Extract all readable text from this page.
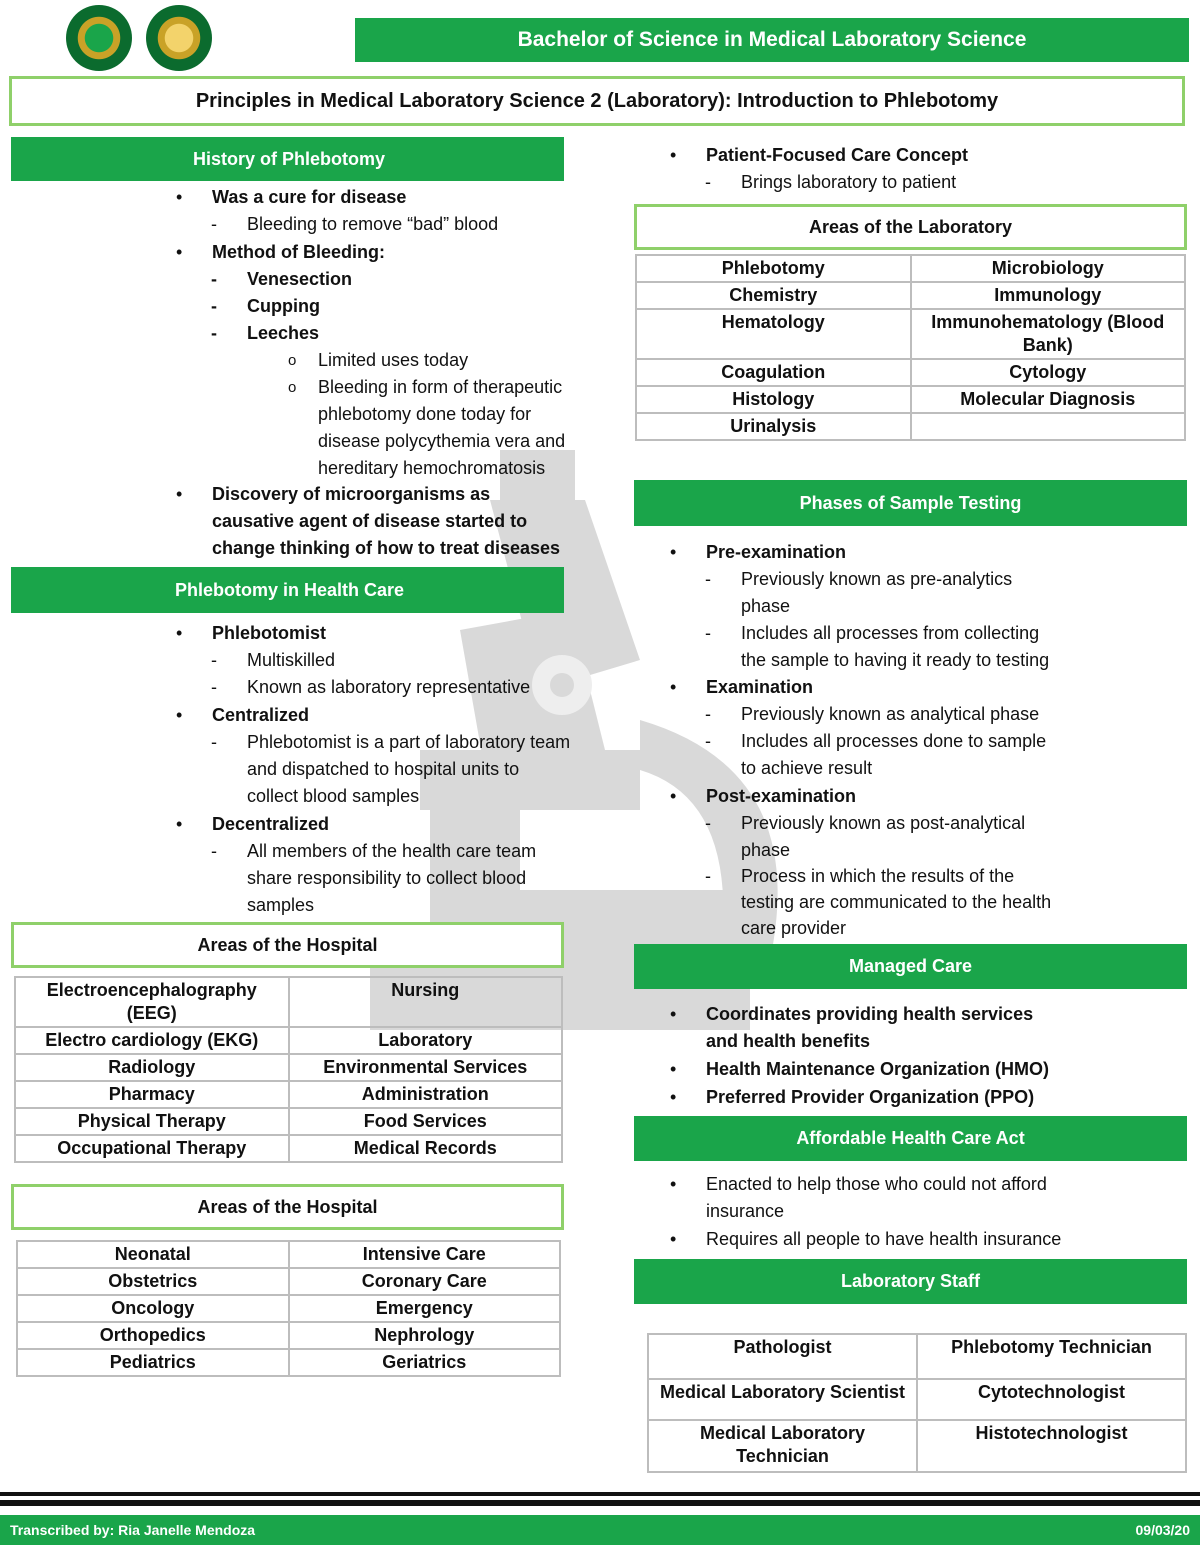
Bachelor of Science in Medical Laboratory Science
Principles in Medical Laboratory Science 2 (Laboratory): Introduction to Phlebotomy
History of Phlebotomy
• Was a cure for disease
- Bleeding to remove “bad” blood
• Method of Bleeding:
- Venesection
- Cupping
- Leeches
o Limited uses today
o Bleeding in form of therapeutic
phlebotomy done today for
disease polycythemia vera and
hereditary hemochromatosis
• Discovery of microorganisms as
causative agent of disease started to
change thinking of how to treat diseases
Phlebotomy in Health Care
• Phlebotomist
- Multiskilled
- Known as laboratory representative
• Centralized
- Phlebotomist is a part of laboratory team
and dispatched to hospital units to
collect blood samples
• Decentralized
- All members of the health care team
share responsibility to collect blood
samples
Areas of the Hospital
Electroencephalography (EEG)	Nursing
Electro cardiology (EKG)	Laboratory
Radiology	Environmental Services
Pharmacy	Administration
Physical Therapy	Food Services
Occupational Therapy	Medical Records
Areas of the Hospital
Neonatal	Intensive Care
Obstetrics	Coronary Care
Oncology	Emergency
Orthopedics	Nephrology
Pediatrics	Geriatrics
• Patient-Focused Care Concept
- Brings laboratory to patient
Areas of the Laboratory
Phlebotomy	Microbiology
Chemistry	Immunology
Hematology	Immunohematology (Blood Bank)
Coagulation	Cytology
Histology	Molecular Diagnosis
Urinalysis	
Phases of Sample Testing
• Pre-examination
- Previously known as pre-analytics
phase
- Includes all processes from collecting
the sample to having it ready to testing
• Examination
- Previously known as analytical phase
- Includes all processes done to sample
to achieve result
• Post-examination
- Previously known as post-analytical
phase
- Process in which the results of the
testing are communicated to the health
care provider
Managed Care
• Coordinates providing health services
and health benefits
• Health Maintenance Organization (HMO)
• Preferred Provider Organization (PPO)
Affordable Health Care Act
• Enacted to help those who could not afford
insurance
• Requires all people to have health insurance
Laboratory Staff
Pathologist	Phlebotomy Technician
Medical Laboratory Scientist	Cytotechnologist
Medical Laboratory Technician	Histotechnologist
Transcribed by: Ria Janelle Mendoza	09/03/20
